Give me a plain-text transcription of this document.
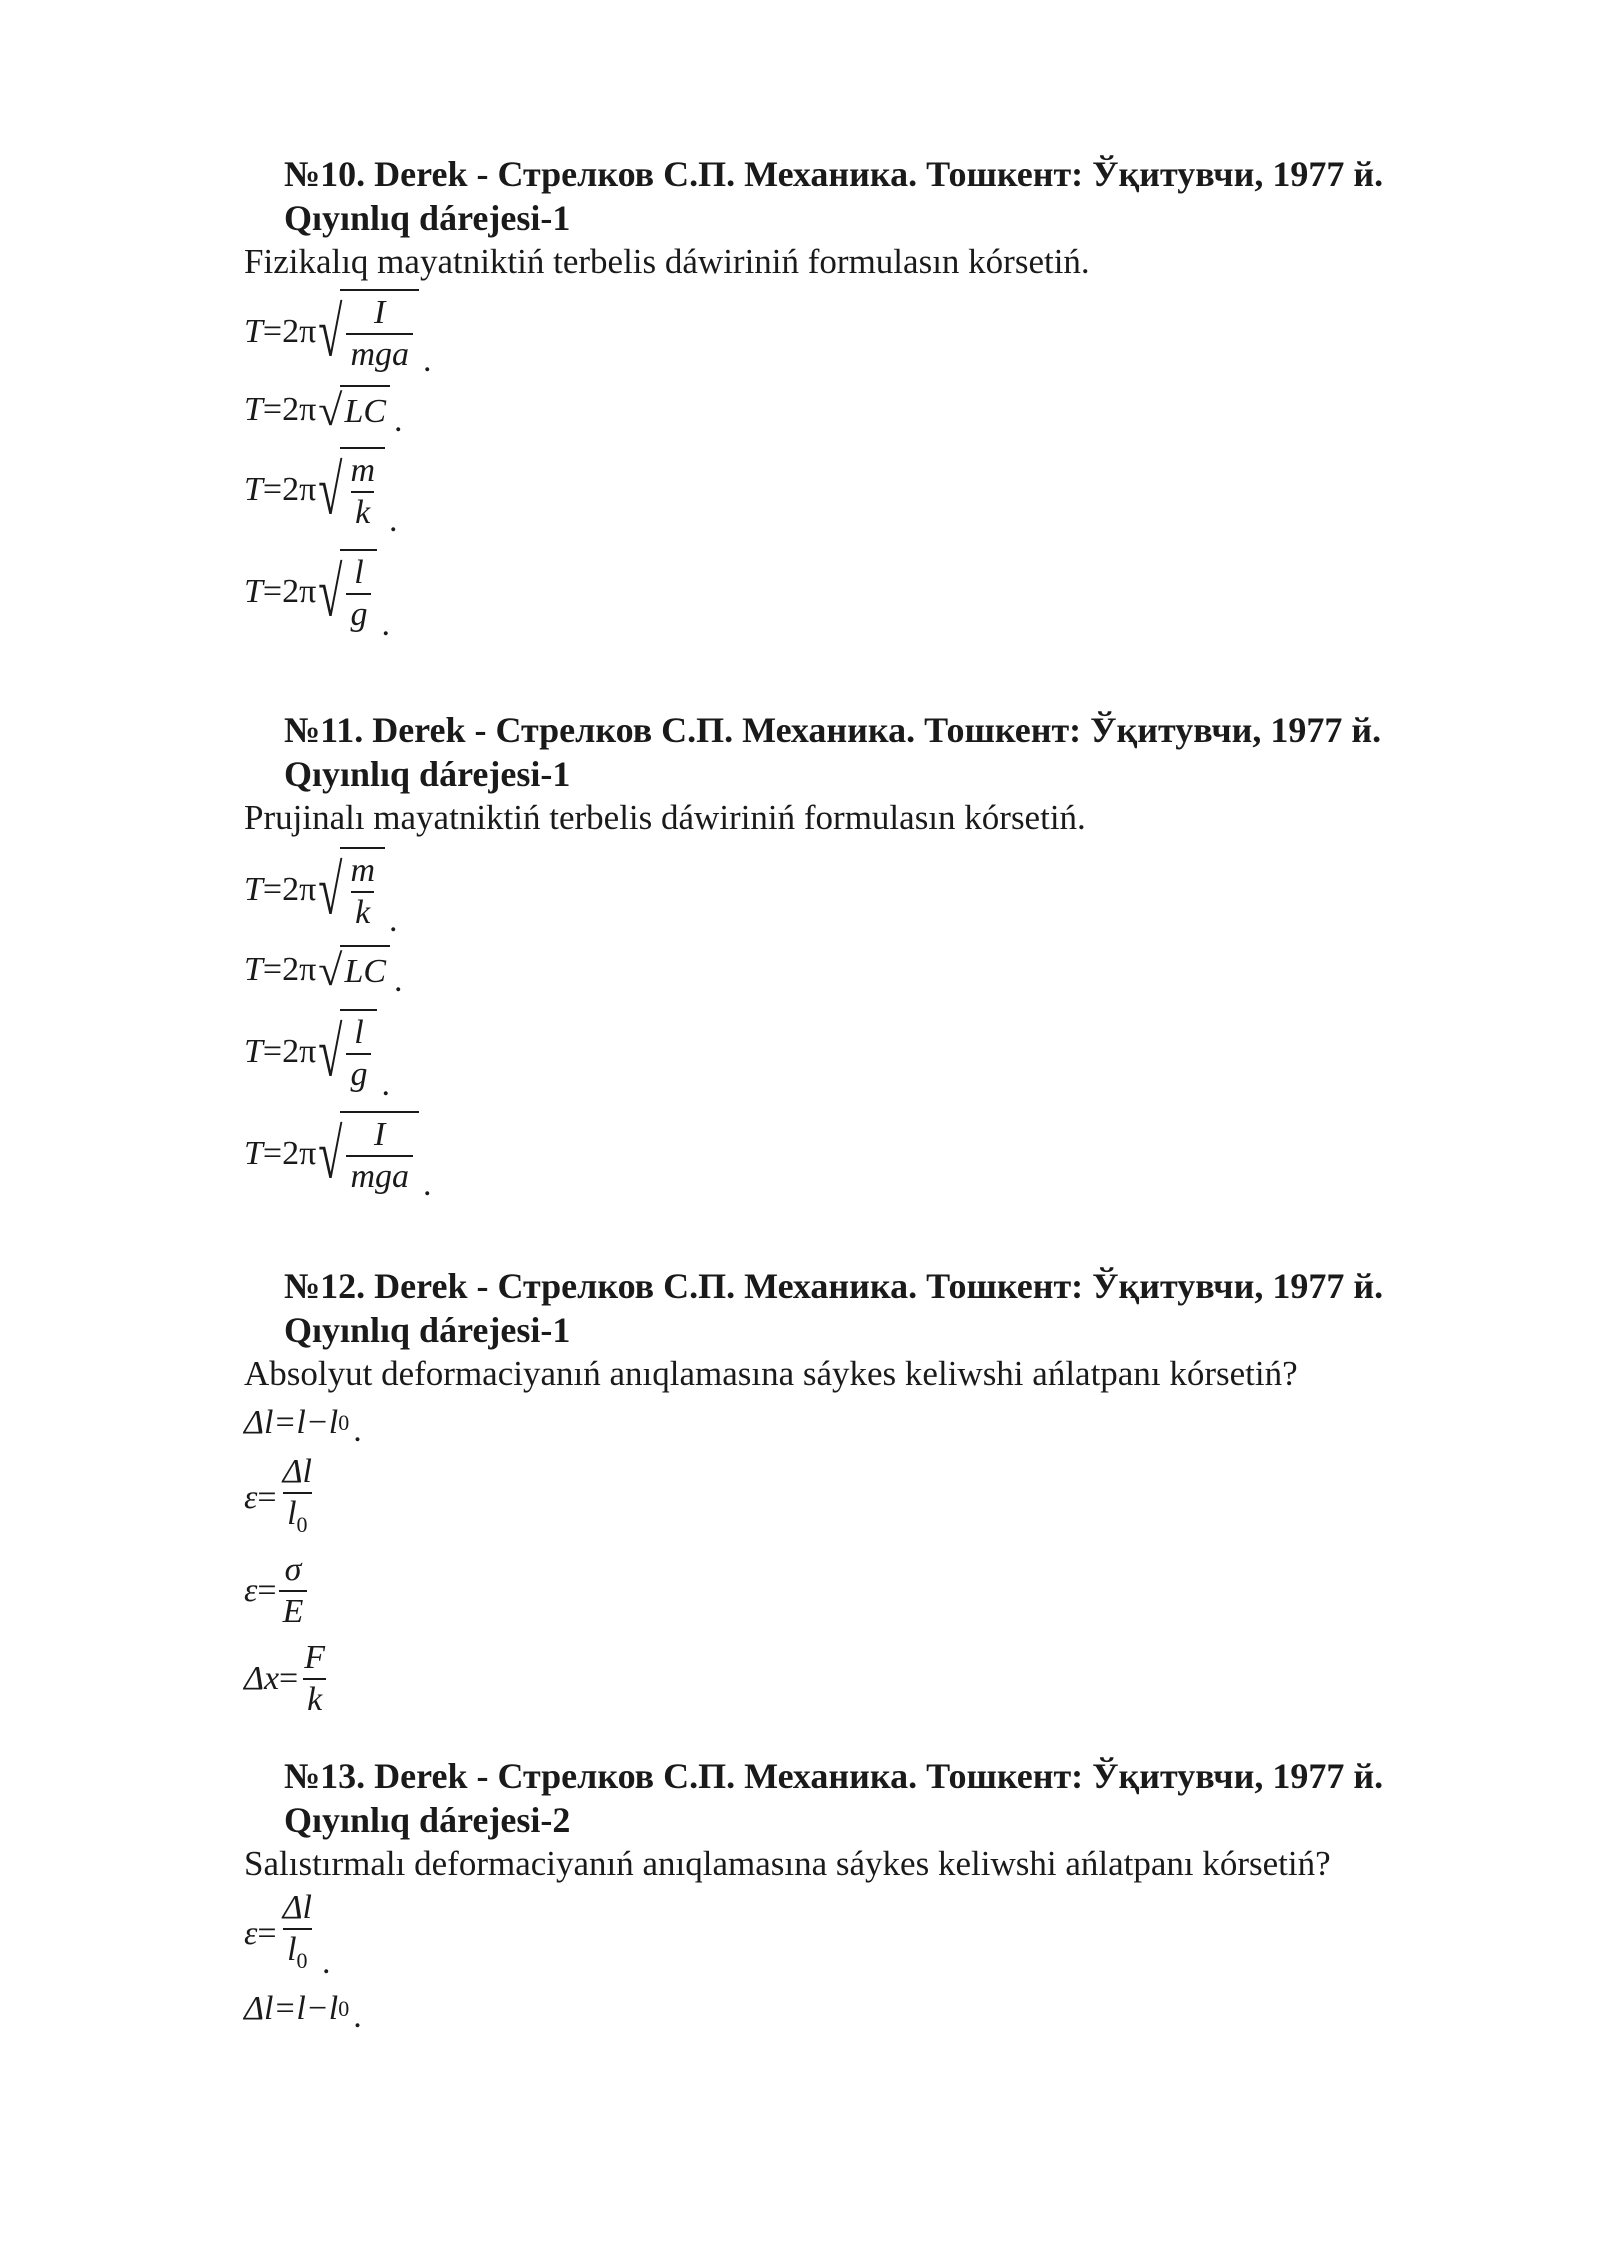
№10. Derek - Стрелков С.П. Механика. Тошкент: Ўқитувчи, 1977 й.
Qıyınlıq dárejesi-1
Fizikalıq mayatniktiń terbelis dáwiriniń formulasın kórsetiń.
T = 2π √ $\frac{I}{\text{mga}}$ .
T = 2π √ LC .
T = 2π √ $\frac{m}{k}$ .
T = 2π √ $\frac{l}{g}$ .
№11. Derek - Стрелков С.П. Механика. Тошкент: Ўқитувчи, 1977 й.
Qıyınlıq dárejesi-1
Prujinalı mayatniktiń terbelis dáwiriniń formulasın kórsetiń.
T = 2π √ $\frac{m}{k}$ .
T = 2π √ LC .
T = 2π √ $\frac{l}{g}$ .
T = 2π √ $\frac{I}{\text{mga}}$ .
№12. Derek - Стрелков С.П. Механика. Тошкент: Ўқитувчи, 1977 й.
Qıyınlıq dárejesi-1
Absolyut deformaciyanıń anıqlamasına sáykes keliwshi ańlatpanı kórsetiń?
Δl=l−l 0 .
$\varepsilon = \frac{\Delta l}{l_0}$
$\varepsilon = \frac{\sigma}{E}$
$\Delta x = \frac{F}{k}$
№13. Derek - Стрелков С.П. Механика. Тошкент: Ўқитувчи, 1977 й.
Qıyınlıq dárejesi-2
Salıstırmalı deformaciyanıń anıqlamasına sáykes keliwshi ańlatpanı kórsetiń?
$\varepsilon = \frac{\Delta l}{l_0}$ .
Δl=l−l 0 .
